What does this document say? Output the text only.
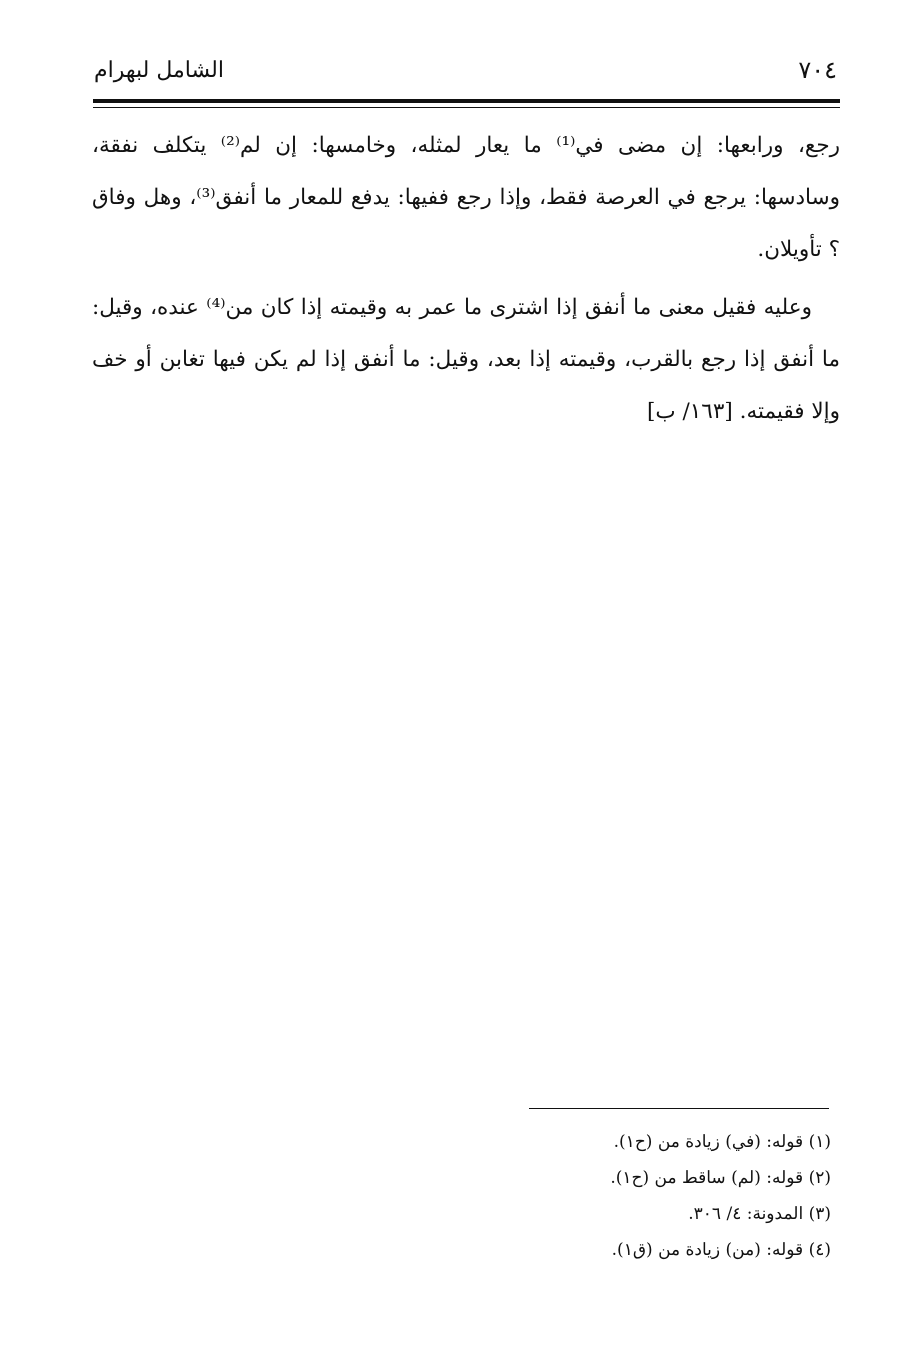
الشامل لبهرام	٧٠٤

رجع، ورابعها: إن مضى في⁽¹⁾ ما يعار لمثله، وخامسها: إن لم⁽²⁾ يتكلف نفقة، وسادسها: يرجع في العرصة فقط، وإذا رجع ففيها: يدفع للمعار ما أنفق⁽³⁾، وهل وفاق ؟ تأويلان.

وعليه فقيل معنى ما أنفق إذا اشترى ما عمر به وقيمته إذا كان من⁽⁴⁾ عنده، وقيل: ما أنفق إذا رجع بالقرب، وقيمته إذا بعد، وقيل: ما أنفق إذا لم يكن فيها تغابن أو خف وإلا فقيمته. [١٦٣/ ب]

(١) قوله: (في) زيادة من (ح١).
(٢) قوله: (لم) ساقط من (ح١).
(٣) المدونة: ٤/ ٣٠٦.
(٤) قوله: (من) زيادة من (ق١).
